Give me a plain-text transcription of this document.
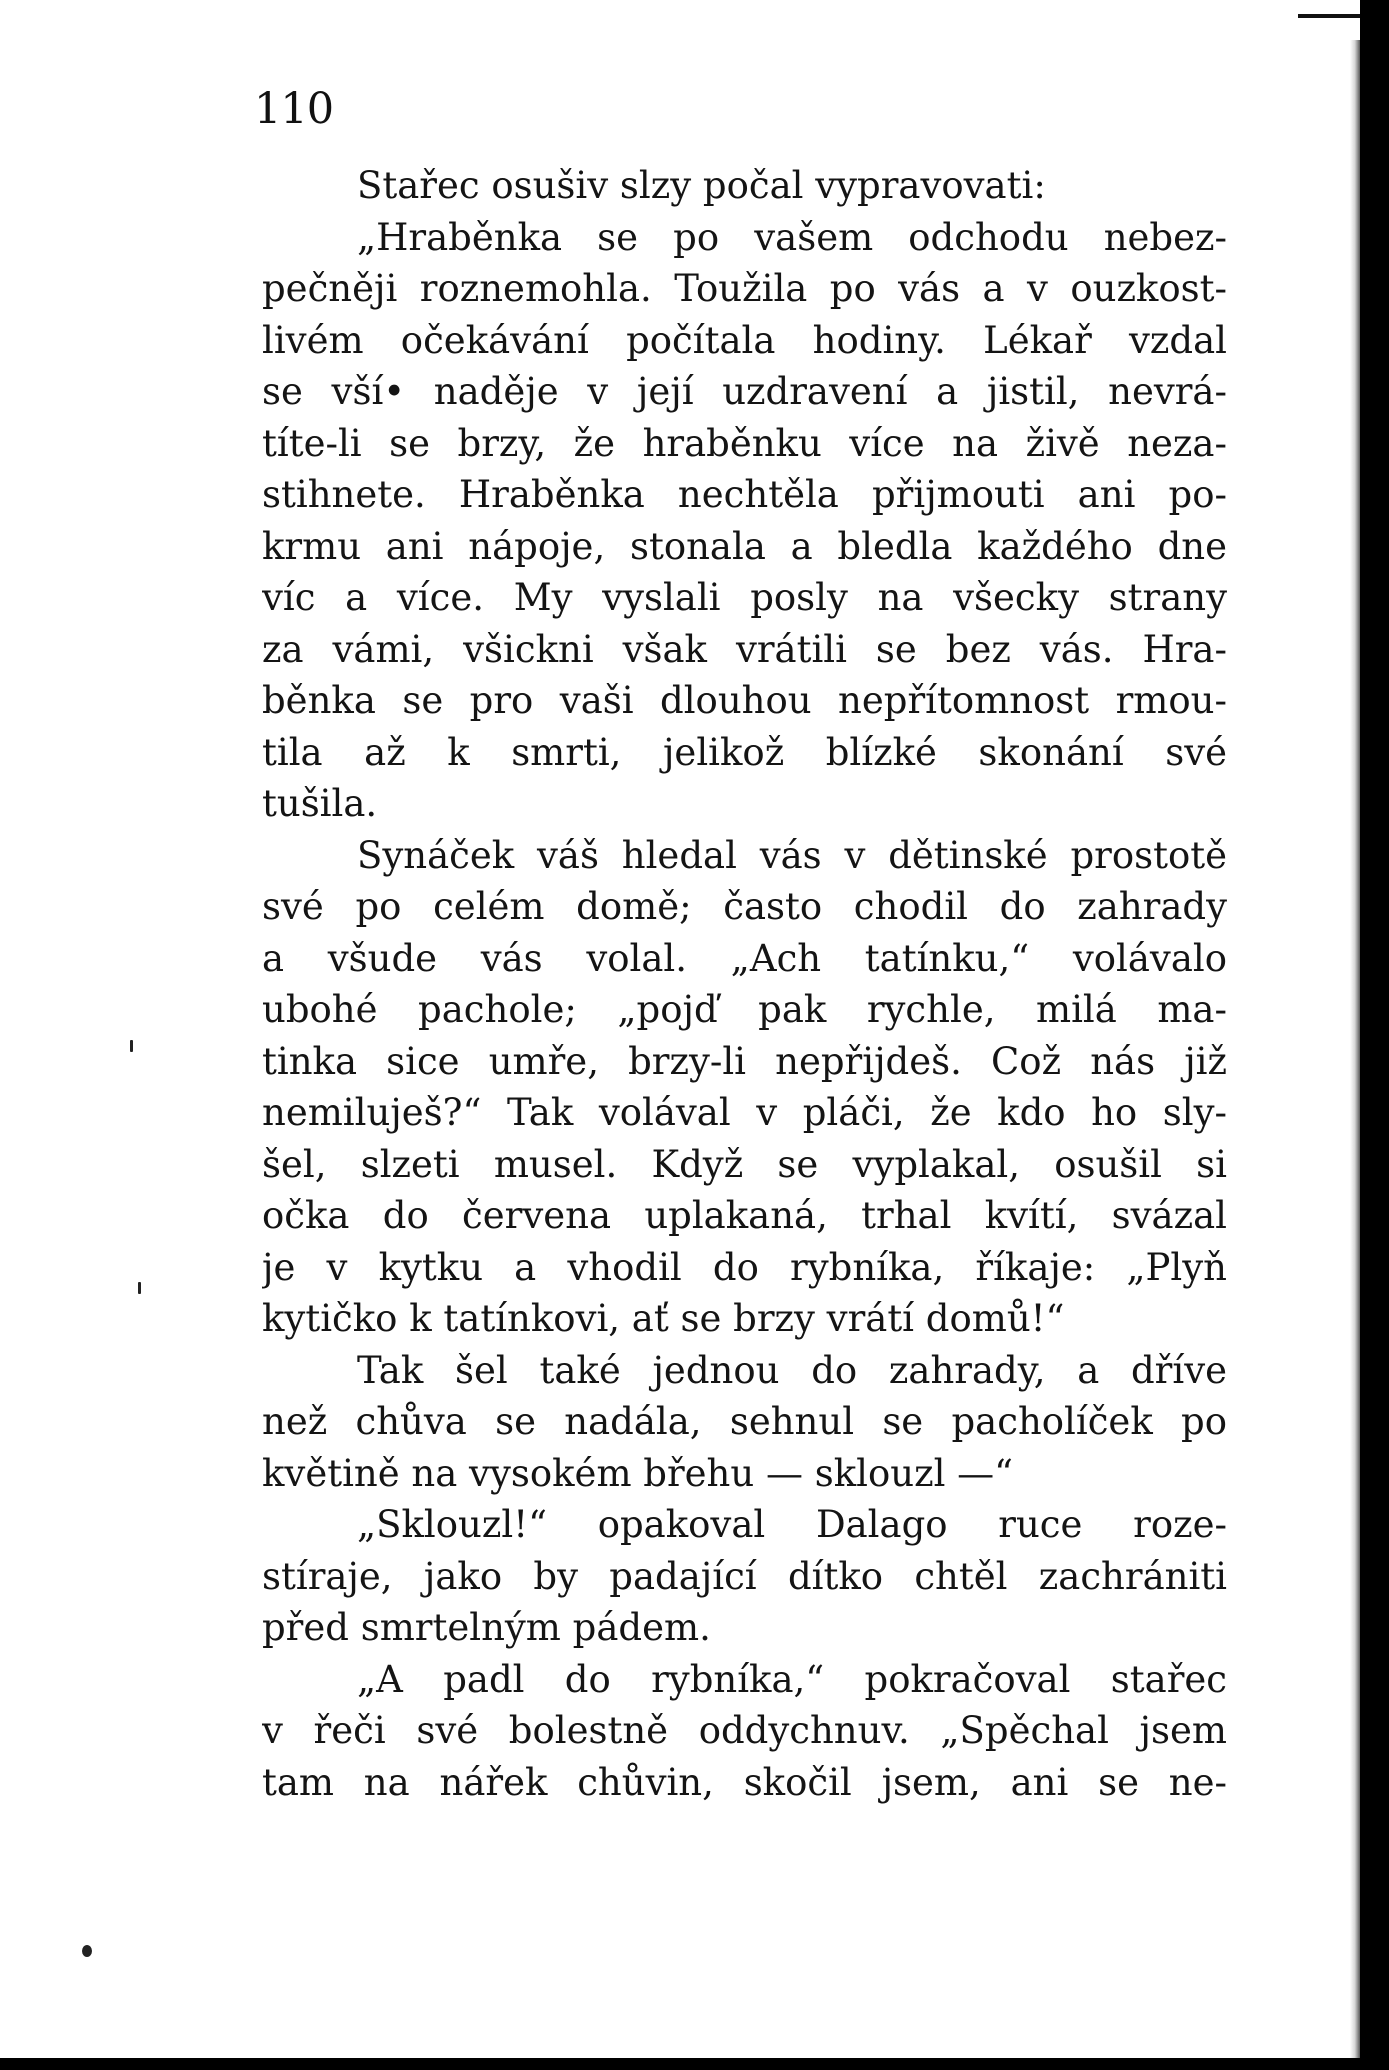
110
Stařec osušiv slzy počal vypravovati:
„Hraběnka se po vašem odchodu nebez-
pečněji roznemohla. Toužila po vás a v ouzkost-
livém očekávání počítala hodiny. Lékař vzdal
se vší• naděje v její uzdravení a jistil, nevrá-
títe-li se brzy, že hraběnku více na živě neza-
stihnete. Hraběnka nechtěla přijmouti ani po-
krmu ani nápoje, stonala a bledla každého dne
víc a více. My vyslali posly na všecky strany
za vámi, všickni však vrátili se bez vás. Hra-
běnka se pro vaši dlouhou nepřítomnost rmou-
tila až k smrti, jelikož blízké skonání své
tušila.
Synáček váš hledal vás v dětinské prostotě
své po celém domě; často chodil do zahrady
a všude vás volal. „Ach tatínku,“ volávalo
ubohé pachole; „pojď pak rychle, milá ma-
tinka sice umře, brzy-li nepřijdeš. Což nás již
nemiluješ?“ Tak volával v pláči, že kdo ho sly-
šel, slzeti musel. Když se vyplakal, osušil si
očka do červena uplakaná, trhal kvítí, svázal
je v kytku a vhodil do rybníka, říkaje: „Plyň
kytičko k tatínkovi, ať se brzy vrátí domů!“
Tak šel také jednou do zahrady, a dříve
než chůva se nadála, sehnul se pacholíček po
květině na vysokém břehu — sklouzl —“
„Sklouzl!“ opakoval Dalago ruce roze-
stíraje, jako by padající dítko chtěl zachrániti
před smrtelným pádem.
„A padl do rybníka,“ pokračoval stařec
v řeči své bolestně oddychnuv. „Spěchal jsem
tam na nářek chůvin, skočil jsem, ani se ne-
